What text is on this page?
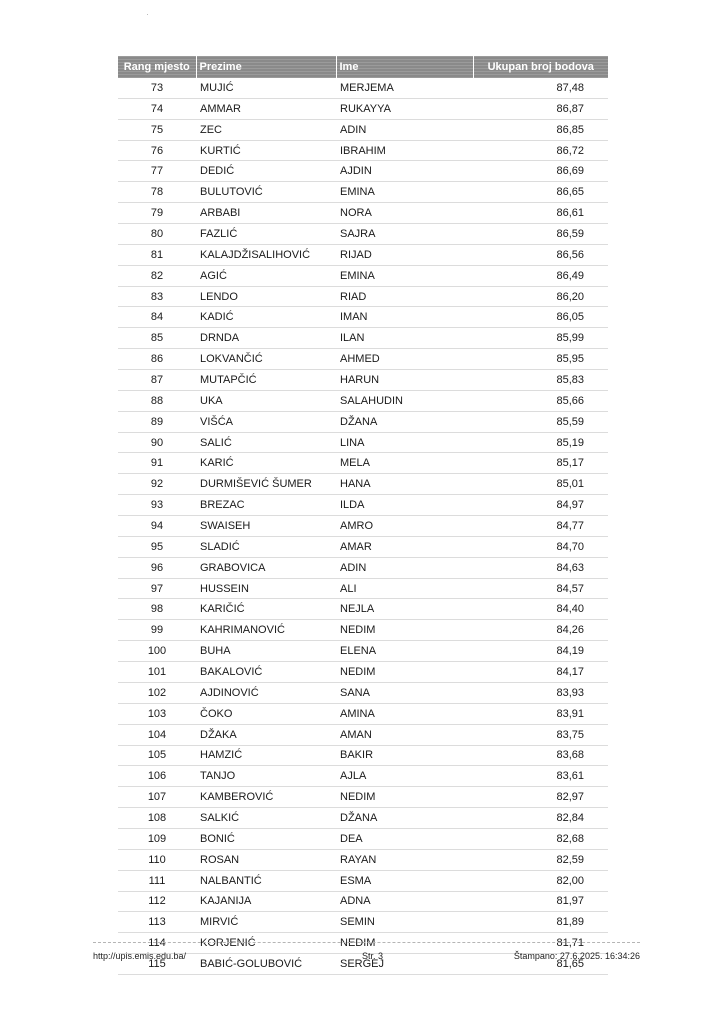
Rang mjesto	Prezime	Ime	Ukupan broj bodova
73	MUJIĆ	MERJEMA	87,48
74	AMMAR	RUKAYYA	86,87
75	ZEC	ADIN	86,85
76	KURTIĆ	IBRAHIM	86,72
77	DEDIĆ	AJDIN	86,69
78	BULUTOVIĆ	EMINA	86,65
79	ARBABI	NORA	86,61
80	FAZLIĆ	SAJRA	86,59
81	KALAJDŽISALIHOVIĆ	RIJAD	86,56
82	AGIĆ	EMINA	86,49
83	LENDO	RIAD	86,20
84	KADIĆ	IMAN	86,05
85	DRNDA	ILAN	85,99
86	LOKVANČIĆ	AHMED	85,95
87	MUTAPČIĆ	HARUN	85,83
88	UKA	SALAHUDIN	85,66
89	VIŠĆA	DŽANA	85,59
90	SALIĆ	LINA	85,19
91	KARIĆ	MELA	85,17
92	DURMIŠEVIĆ ŠUMER	HANA	85,01
93	BREZAC	ILDA	84,97
94	SWAISEH	AMRO	84,77
95	SLADIĆ	AMAR	84,70
96	GRABOVICA	ADIN	84,63
97	HUSSEIN	ALI	84,57
98	KARIČIĆ	NEJLA	84,40
99	KAHRIMANOVIĆ	NEDIM	84,26
100	BUHA	ELENA	84,19
101	BAKALOVIĆ	NEDIM	84,17
102	AJDINOVIĆ	SANA	83,93
103	ČOKO	AMINA	83,91
104	DŽAKA	AMAN	83,75
105	HAMZIĆ	BAKIR	83,68
106	TANJO	AJLA	83,61
107	KAMBEROVIĆ	NEDIM	82,97
108	SALKIĆ	DŽANA	82,84
109	BONIĆ	DEA	82,68
110	ROSAN	RAYAN	82,59
111	NALBANTIĆ	ESMA	82,00
112	KAJANIJA	ADNA	81,97
113	MIRVIĆ	SEMIN	81,89
114	KORJENIĆ	NEDIM	81,71
115	BABIĆ-GOLUBOVIĆ	SERGEJ	81,65
http://upis.emis.edu.ba/	Str. 3	Štampano: 27.6.2025. 16:34:26
